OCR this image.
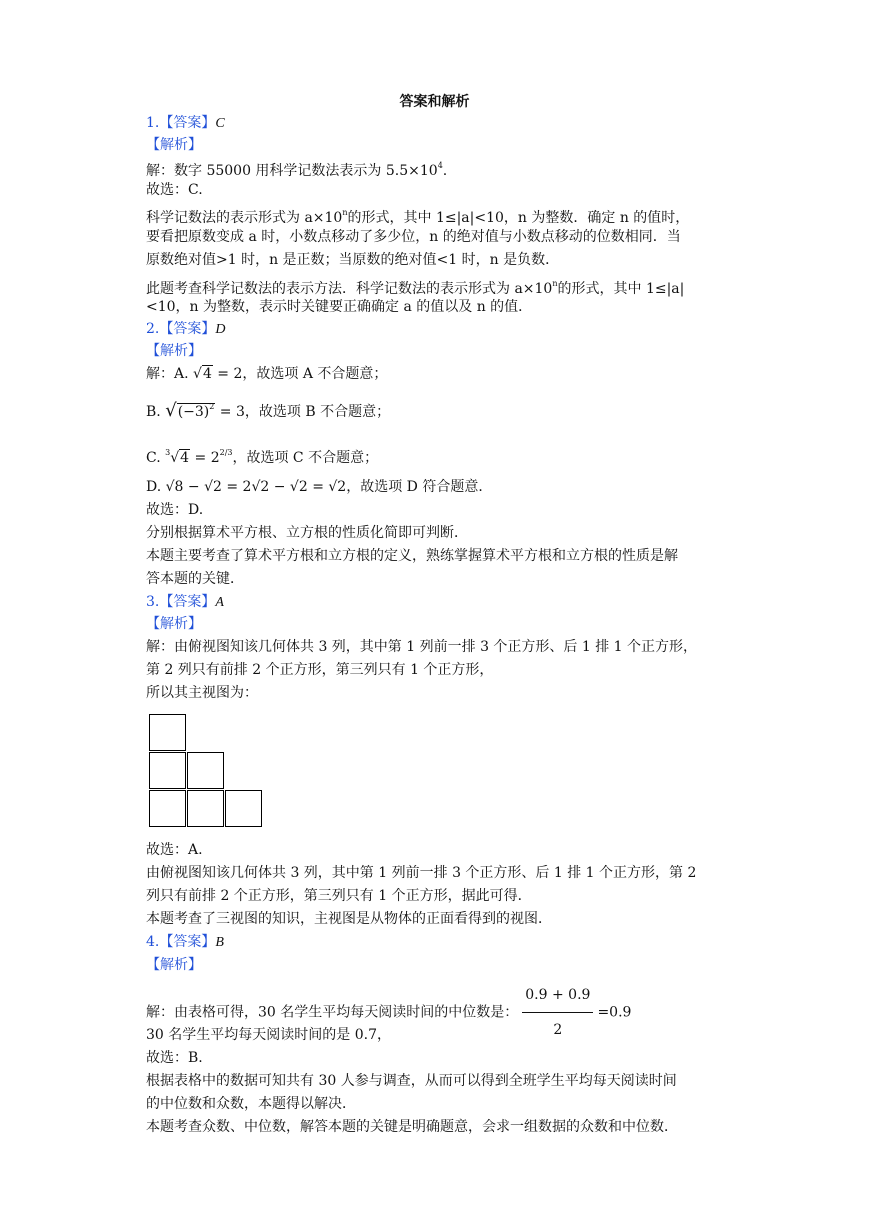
答案和解析
1.【答案】C
【解析】
解：数字 55000 用科学记数法表示为 $5.5\times 10^4$.
故选：C.
科学记数法的表示形式为 $a\times 10^n$的形式，其中 1≤|a|<10，n 为整数．确定 n 的值时，
要看把原数变成 a 时，小数点移动了多少位，n 的绝对值与小数点移动的位数相同．当
原数绝对值>1 时，n 是正数；当原数的绝对值<1 时，n 是负数．
此题考查科学记数法的表示方法．科学记数法的表示形式为 $a\times 10^n$的形式，其中 1≤|a|
<10，n 为整数，表示时关键要正确确定 a 的值以及 n 的值．
2.【答案】D
【解析】
解：A. √4 = 2，故选项 A 不合题意；
B. $√(-3)^2 = 3$，故选项 B 不合题意；
C. $^3√4 = 2^{2/3}$，故选项 C 不合题意；
D. √8 − √2 = 2√2 − √2 = √2，故选项 D 符合题意．
故选：D.
分别根据算术平方根、立方根的性质化简即可判断．
本题主要考查了算术平方根和立方根的定义，熟练掌握算术平方根和立方根的性质是解
答本题的关键．
3.【答案】A
【解析】
解：由俯视图知该几何体共 3 列，其中第 1 列前一排 3 个正方形、后 1 排 1 个正方形，
第 2 列只有前排 2 个正方形，第三列只有 1 个正方形，
所以其主视图为：
故选：A.
由俯视图知该几何体共 3 列，其中第 1 列前一排 3 个正方形、后 1 排 1 个正方形，第 2
列只有前排 2 个正方形，第三列只有 1 个正方形，据此可得．
本题考查了三视图的知识，主视图是从物体的正面看得到的视图．
4.【答案】B
【解析】
解：由表格可得，30 名学生平均每天阅读时间的中位数是： $\frac{0.9 + 0.9}{2} =0.9$
30 名学生平均每天阅读时间的是 0.7，
故选：B.
根据表格中的数据可知共有 30 人参与调查，从而可以得到全班学生平均每天阅读时间
的中位数和众数，本题得以解决．
本题考查众数、中位数，解答本题的关键是明确题意，会求一组数据的众数和中位数．
